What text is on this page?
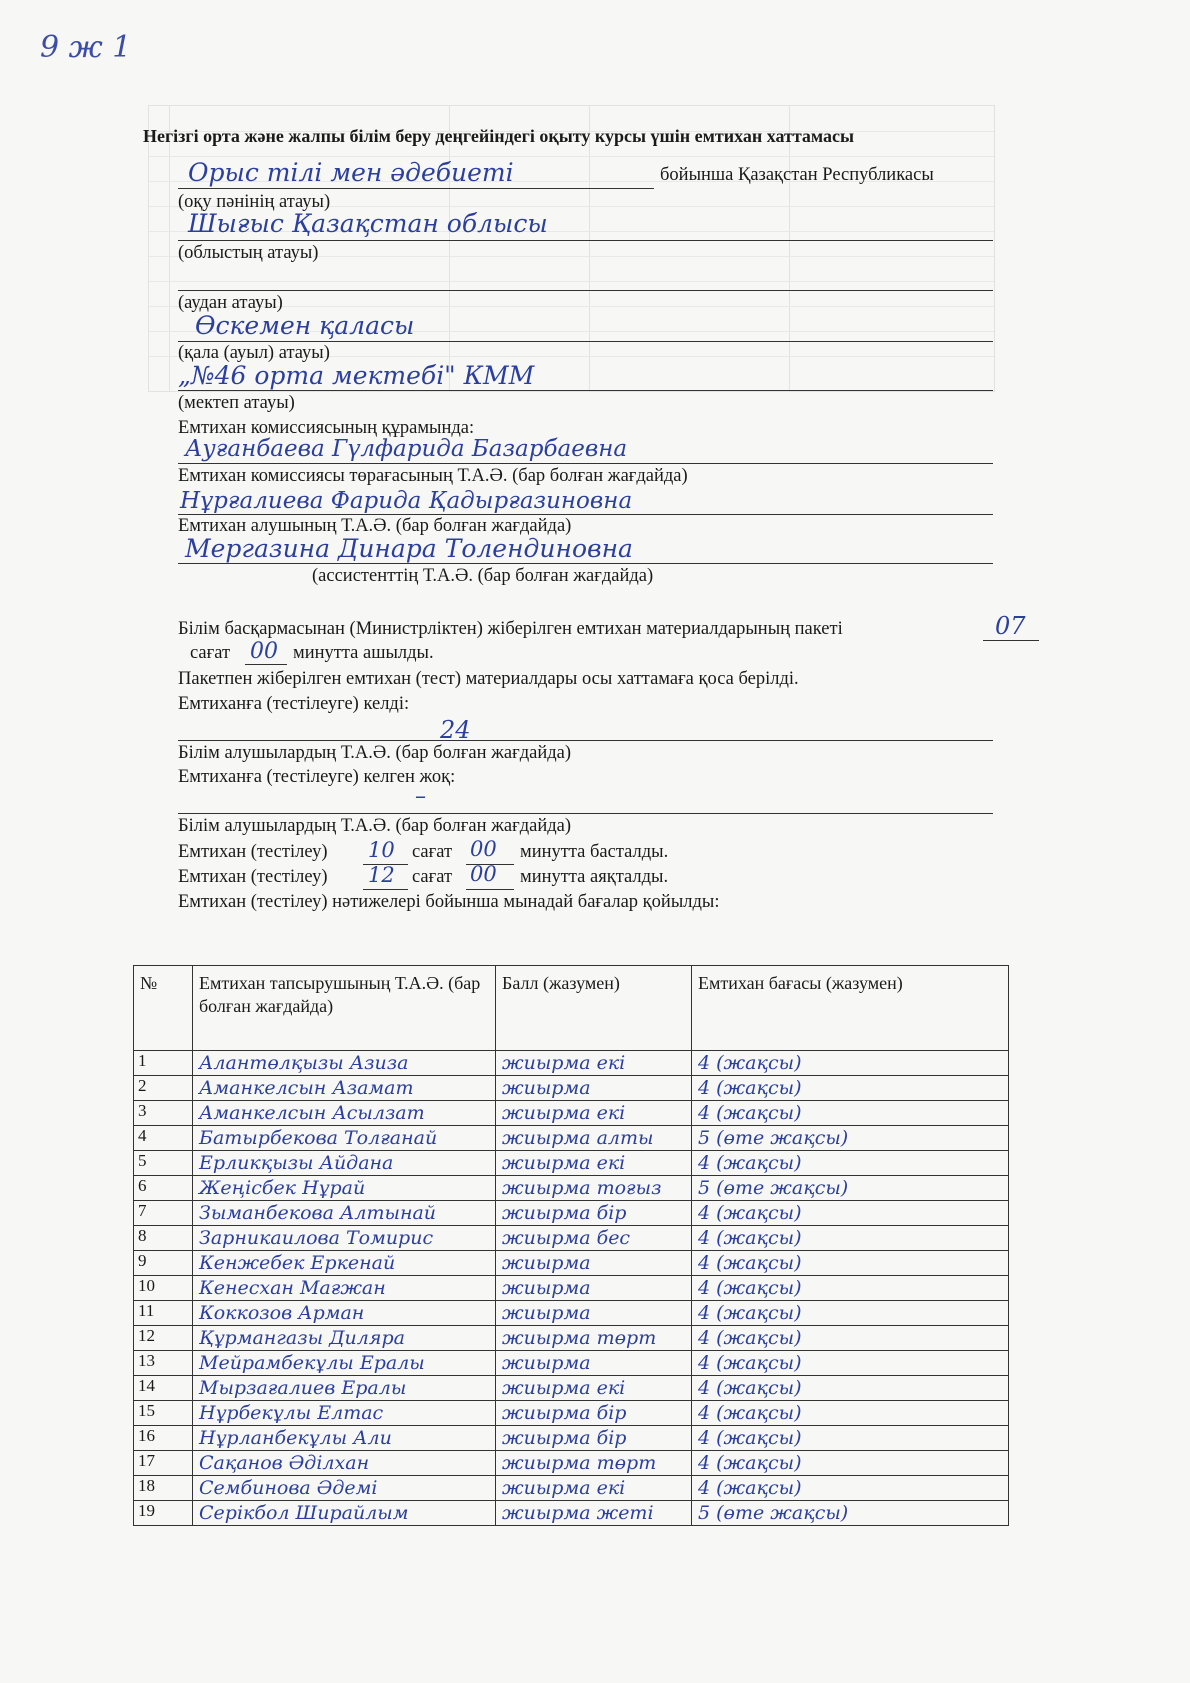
9 ж 1
Негізгі орта және жалпы білім беру деңгейіндегі оқыту курсы үшін емтихан хаттамасы
Орыс тілі мен әдебиеті	бойынша Қазақстан Республикасы
(оқу пәнінің атауы)
Шығыс Қазақстан облысы
(облыстың атауы)
(аудан атауы)
Өскемен қаласы
(қала (ауыл) атауы)
„№46 орта мектебі" КММ
(мектеп атауы)
Емтихан комиссиясының құрамында:
Ауғанбаева Гүлфарида Базарбаевна
Емтихан комиссиясы төрағасының Т.А.Ә. (бар болған жағдайда)
Нұрғалиева Фарида Қадырғазиновна
Емтихан алушының Т.А.Ә. (бар болған жағдайда)
Мергазина Динара Толендиновна
(ассистенттің Т.А.Ә. (бар болған жағдайда)
Білім басқармасынан (Министрліктен) жіберілген емтихан материалдарының пакеті	07
сағат 00 минутта ашылды.
Пакетпен жіберілген емтихан (тест) материалдары осы хаттамаға қоса берілді.
Емтиханға (тестілеуге) келді:
24
Білім алушылардың Т.А.Ә. (бар болған жағдайда)
Емтиханға (тестілеуге) келген жоқ:
–
Білім алушылардың Т.А.Ә. (бар болған жағдайда)
Емтихан (тестілеу) 10 сағат 00 минутта басталды.
Емтихан (тестілеу) 12 сағат 00 минутта аяқталды.
Емтихан (тестілеу) нәтижелері бойынша мынадай бағалар қойылды:
№	Емтихан тапсырушының Т.А.Ә. (бар болған жағдайда)	Балл (жазумен)	Емтихан бағасы (жазумен)
1	Алантөлқызы Азиза	жиырма екі	4 (жақсы)
2	Аманкелсын Азамат	жиырма	4 (жақсы)
3	Аманкелсын Асылзат	жиырма екі	4 (жақсы)
4	Батырбекова Толғанай	жиырма алты	5 (өте жақсы)
5	Ерликқызы Айдана	жиырма екі	4 (жақсы)
6	Жеңісбек Нұрай	жиырма тоғыз	5 (өте жақсы)
7	Зыманбекова Алтынай	жиырма бір	4 (жақсы)
8	Зарникаилова Томирис	жиырма бес	4 (жақсы)
9	Кенжебек Еркенай	жиырма	4 (жақсы)
10	Кенесхан Мағжан	жиырма	4 (жақсы)
11	Коккозов Арман	жиырма	4 (жақсы)
12	Құрмангазы Диляра	жиырма төрт	4 (жақсы)
13	Мейрамбекұлы Ералы	жиырма	4 (жақсы)
14	Мырзағалиев Ералы	жиырма екі	4 (жақсы)
15	Нұрбекұлы Елтас	жиырма бір	4 (жақсы)
16	Нұрланбекұлы Али	жиырма бір	4 (жақсы)
17	Сақанов Әділхан	жиырма төрт	4 (жақсы)
18	Сембинова Әдемі	жиырма екі	4 (жақсы)
19	Серікбол Ширайлым	жиырма жеті	5 (өте жақсы)
